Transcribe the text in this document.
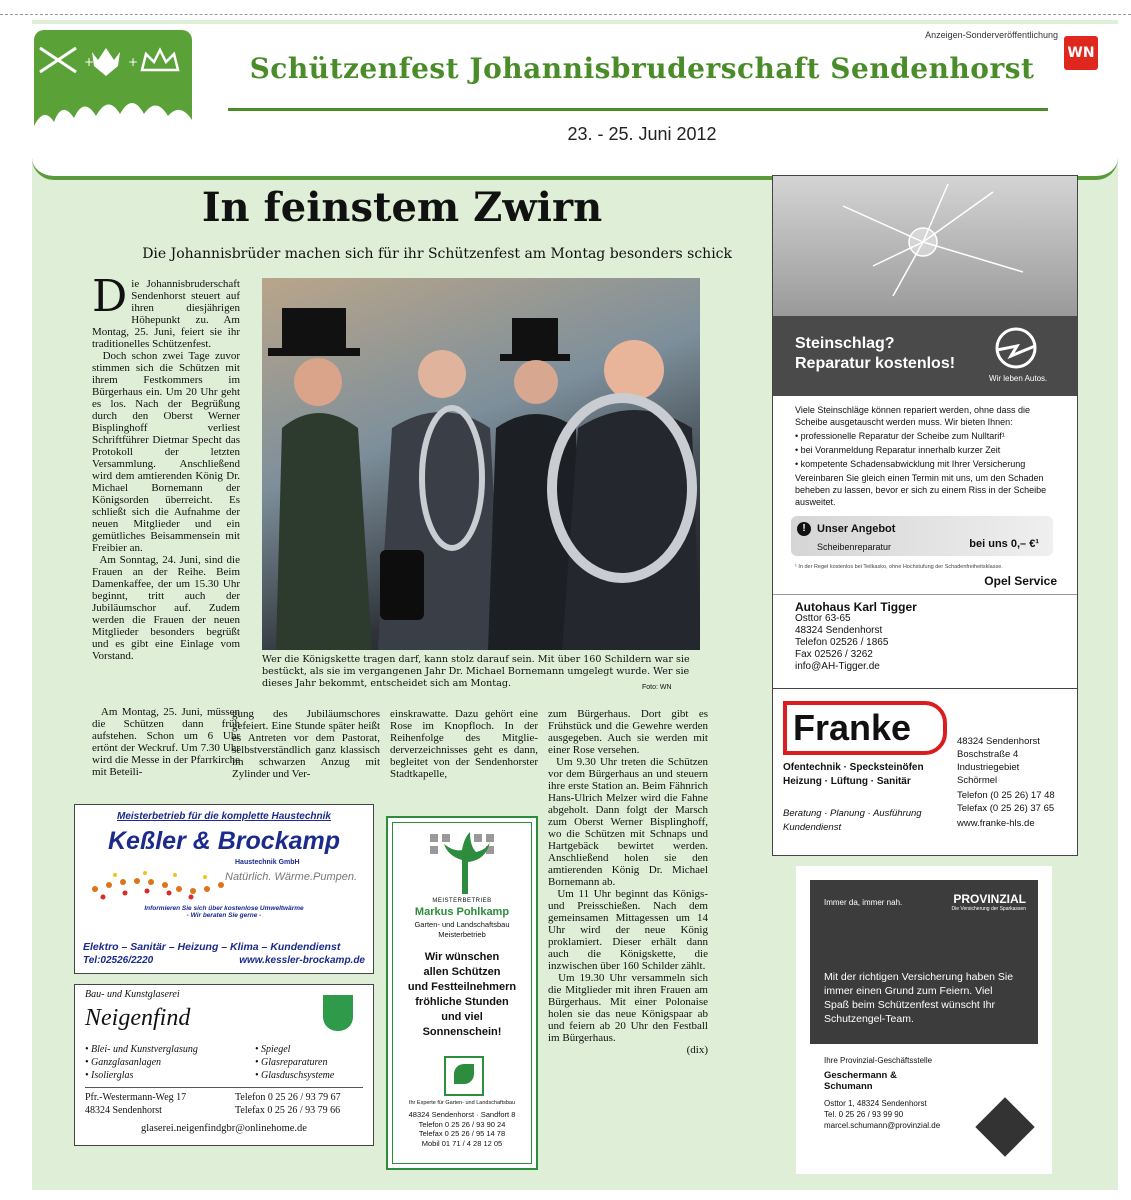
+	+
Anzeigen-Sonderveröffentlichung
WN
Schützenfest Johannisbruderschaft Sendenhorst
23. - 25. Juni 2012
In feinstem Zwirn
Die Johannisbrüder machen sich für ihr Schützenfest am Montag besonders schick
D ie Johannisbruderschaft Sendenhorst steuert auf ihren diesjährigen Höhepunkt zu. Am Montag, 25. Juni, feiert sie ihr traditionelles Schützenfest.
Doch schon zwei Tage zuvor stimmen sich die Schützen mit ihrem Festkommers im Bürgerhaus ein. Um 20 Uhr geht es los. Nach der Begrüßung durch den Oberst Werner Bisplinghoff verliest Schriftführer Dietmar Specht das Protokoll der letzten Versammlung. Anschließend wird dem amtierenden König Dr. Michael Bornemann der Königsorden überreicht. Es schließt sich die Aufnahme der neuen Mitglieder und ein gemütliches Beisammensein mit Freibier an.
Am Sonntag, 24. Juni, sind die Frauen an der Reihe. Beim Damenkaffee, der um 15.30 Uhr beginnt, tritt auch der Jubiläumschor auf. Zudem werden die Frauen der neuen Mitglieder besonders begrüßt und es gibt eine Einlage vom Vorstand.
Am Montag, 25. Juni, müssen die Schützen dann früh aufstehen. Schon um 6 Uhr ertönt der Weckruf. Um 7.30 Uhr wird die Messe in der Pfarrkirche mit Beteili-
Wer die Königskette tragen darf, kann stolz darauf sein. Mit über 160 Schildern war sie bestückt, als sie im vergangenen Jahr Dr. Michael Bornemann umgelegt wurde. Wer sie dieses Jahr bekommt, entscheidet sich am Montag.	Foto: WN
gung des Jubiläumschores gefeiert. Eine Stunde später heißt es Antreten vor dem Pastorat, selbstverständlich ganz klassisch im schwarzen Anzug mit Zylinder und Ver-
einskrawatte. Dazu gehört eine Rose im Knopfloch. In der Reihenfolge des Mitgliederverzeichnisses geht es dann, begleitet von der Sendenhorster Stadtkapelle,
zum Bürgerhaus. Dort gibt es Frühstück und die Gewehre werden ausgegeben. Auch sie werden mit einer Rose versehen.
Um 9.30 Uhr treten die Schützen vor dem Bürgerhaus an und steuern ihre erste Station an. Beim Fähnrich Hans-Ulrich Melzer wird die Fahne abgeholt. Dann folgt der Marsch zum Oberst Werner Bisplinghoff, wo die Schützen mit Schnaps und Hartgebäck bewirtet werden. Anschließend holen sie den amtierenden König Dr. Michael Bornemann ab.
Um 11 Uhr beginnt das Königs- und Preisschießen. Nach dem gemeinsamen Mittagessen um 14 Uhr wird der neue König proklamiert. Dieser erhält dann auch die Königskette, die inzwischen über 160 Schilder zählt.
Um 19.30 Uhr versammeln sich die Mitglieder mit ihren Frauen am Bürgerhaus. Mit einer Polonaise holen sie das neue Königspaar ab und feiern ab 20 Uhr den Festball im Bürgerhaus.
(dix)
Steinschlag?
Reparatur kostenlos!
Wir leben Autos.
Viele Steinschläge können repariert werden, ohne dass die Scheibe ausgetauscht werden muss. Wir bieten Ihnen:
• professionelle Reparatur der Scheibe zum Nulltarif¹
• bei Voranmeldung Reparatur innerhalb kurzer Zeit
• kompetente Schadensabwicklung mit Ihrer Versicherung
Vereinbaren Sie gleich einen Termin mit uns, um den Schaden beheben zu lassen, bevor er sich zu einem Riss in der Scheibe ausweitet.
!	Unser Angebot
Scheibenreparatur	bei uns 0,– €¹
¹ In der Regel kostenlos bei Teilkasko, ohne Hochstufung der Schadenfreiheitsklasse.
Opel Service
Autohaus Karl Tigger
Osttor 63-65
48324 Sendenhorst
Telefon 02526 / 1865
Fax 02526 / 3262
info@AH-Tigger.de
Franke
Ofentechnik · Specksteinöfen
Heizung · Lüftung · Sanitär
Beratung · Planung · Ausführung
Kundendienst
48324 Sendenhorst
Boschstraße 4
Industriegebiet
Schörmel
Telefon (0 25 26) 17 48
Telefax (0 25 26) 37 65
www.franke-hls.de
Immer da, immer nah.	PROVINZIAL
Die Versicherung der Sparkassen
Mit der richtigen Versicherung haben Sie immer einen Grund zum Feiern. Viel Spaß beim Schützenfest wünscht Ihr Schutzengel-Team.
Ihre Provinzial-Geschäftsstelle
Geschermann & Schumann
Osttor 1, 48324 Sendenhorst
Tel. 0 25 26 / 93 99 90
marcel.schumann@provinzial.de
Meisterbetrieb für die komplette Haustechnik
Keßler & Brockamp
Haustechnik GmbH
Natürlich. Wärme.Pumpen.
Informieren Sie sich über kostenlose Umweltwärme
- Wir beraten Sie gerne -
Elektro – Sanitär – Heizung – Klima – Kundendienst
Tel:02526/2220	www.kessler-brockamp.de
Bau- und Kunstglaserei
Neigenfind
• Blei- und Kunstverglasung
• Ganzglasanlagen
• Isolierglas
• Spiegel
• Glasreparaturen
• Glasduschsysteme
Pfr.-Westermann-Weg 17
48324 Sendenhorst
Telefon 0 25 26 / 93 79 67
Telefax 0 25 26 / 93 79 66
glaserei.neigenfindgbr@onlinehome.de
MEISTERBETRIEB
Markus Pohlkamp
Garten- und Landschaftsbau
Meisterbetrieb
Wir wünschen
allen Schützen
und Festteilnehmern
fröhliche Stunden
und viel
Sonnenschein!
Ihr Experte für Garten- und Landschaftsbau
48324 Sendenhorst · Sandfort 8
Telefon 0 25 26 / 93 90 24
Telefax 0 25 26 / 95 14 78
Mobil 01 71 / 4 28 12 05
